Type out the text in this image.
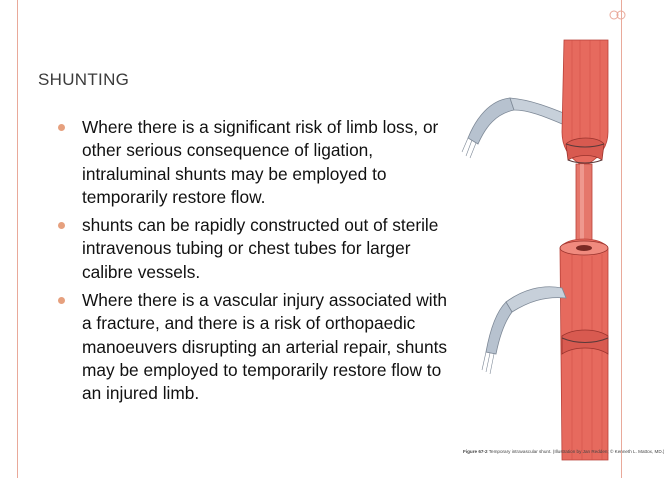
SHUNTING
Where there is a significant risk of limb loss, or other serious consequence of ligation, intraluminal shunts may be employed to temporarily restore flow.
shunts can be rapidly constructed out of sterile intravenous tubing or chest tubes for larger calibre vessels.
Where there is a vascular injury associated with a fracture, and there is a risk of orthopaedic manoeuvers disrupting an arterial repair, shunts may be employed to temporarily restore flow to an injured limb.
Figure 67-2 Temporary intravascular shunt. (Illustration by Jan Redden; © Kenneth L. Mattox, MD.)
